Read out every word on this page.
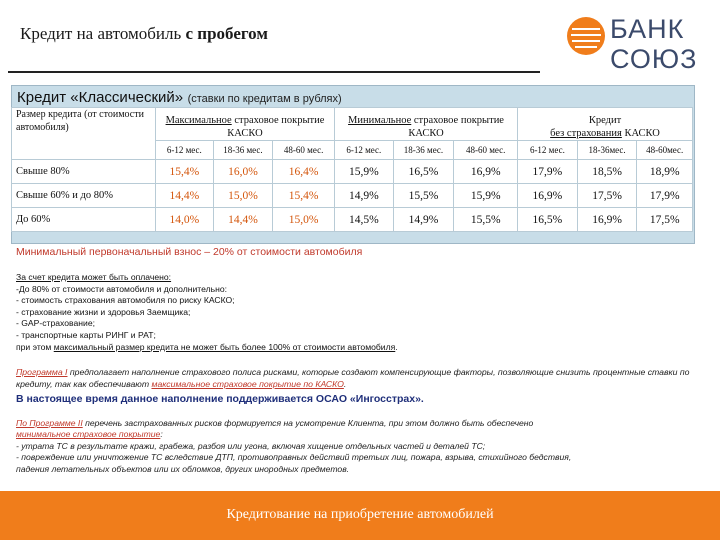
Кредит на автомобиль с пробегом	БАНК
СОЮЗ
Кредит «Классический» (ставки по кредитам в рублях)
Размер кредита (от стоимости автомобиля)	Максимальное страховое покрытие КАСКО			Минимальное страховое покрытие КАСКО			Кредит
без страхования КАСКО		
	6-12 мес.	18-36 мес.	48-60 мес.	6-12 мес.	18-36 мес.	48-60 мес.	6-12 мес.	18-36мес.	48-60мес.
Свыше 80%	15,4%	16,0%	16,4%	15,9%	16,5%	16,9%	17,9%	18,5%	18,9%
Свыше 60% и до 80%	14,4%	15,0%	15,4%	14,9%	15,5%	15,9%	16,9%	17,5%	17,9%
До 60%	14,0%	14,4%	15,0%	14,5%	14,9%	15,5%	16,5%	16,9%	17,5%
Минимальный первоначальный взнос – 20% от стоимости автомобиля
За счет кредита может быть оплачено:
-До 80% от стоимости автомобиля и дополнительно:
- стоимость страхования автомобиля по риску КАСКО;
- страхование жизни и здоровья Заемщика;
- GAP-страхование;
- транспортные карты РИНГ и РАТ;
при этом максимальный размер кредита не может быть более 100% от стоимости автомобиля.
Программа I предполагает наполнение страхового полиса рисками, которые создают компенсирующие факторы, позволяющие снизить процентные ставки по кредиту, так как обеспечивают максимальное страховое покрытие по КАСКО.
В настоящее время данное наполнение поддерживается ОСАО «Ингосстрах».
По Программе II перечень застрахованных рисков формируется на усмотрение Клиента, при этом должно быть обеспечено
минимальное страховое покрытие:
- утрата ТС в результате кражи, грабежа, разбоя или угона, включая хищение отдельных частей и деталей ТС;
- повреждение или уничтожение ТС вследствие ДТП, противоправных действий третьих лиц, пожара, взрыва, стихийного бедствия,
падения летательных объектов или их обломков, других инородных предметов.
Кредитование на приобретение автомобилей
